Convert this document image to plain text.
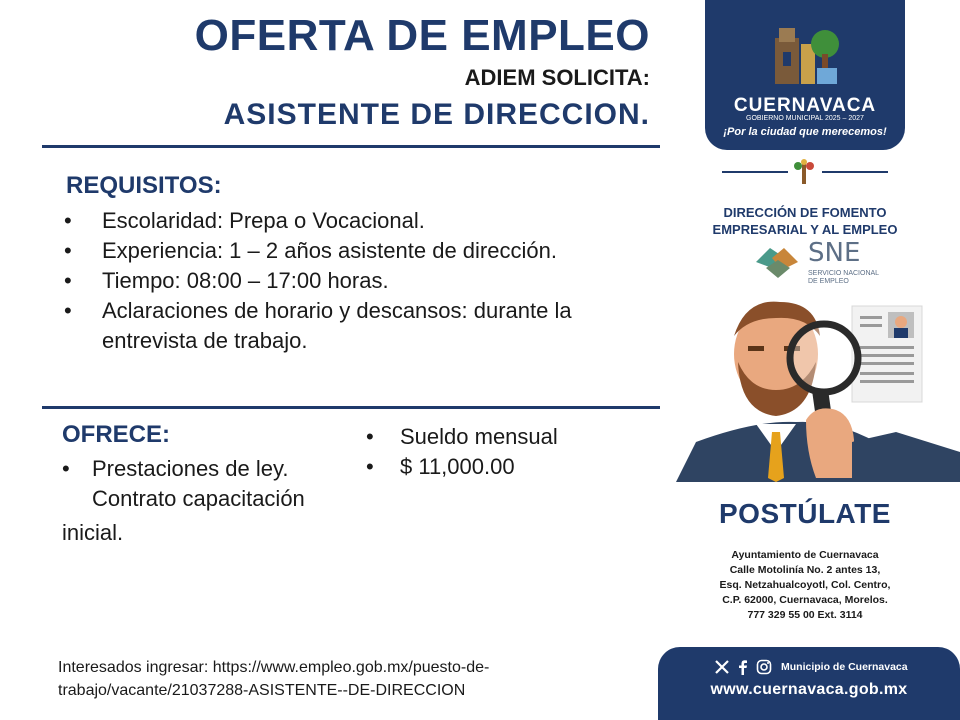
OFERTA DE EMPLEO
ADIEM SOLICITA:
ASISTENTE DE DIRECCION.
REQUISITOS:
• Escolaridad: Prepa o Vocacional.
• Experiencia: 1 – 2 años asistente de dirección.
• Tiempo: 08:00 – 17:00 horas.
• Aclaraciones de horario y descansos: durante la entrevista de trabajo.
OFRECE:
• Prestaciones de ley.
Contrato capacitación
inicial.
• Sueldo mensual
• $ 11,000.00
Interesados ingresar: https://www.empleo.gob.mx/puesto-de-trabajo/vacante/21037288-ASISTENTE--DE-DIRECCION
CUERNAVACA
GOBIERNO MUNICIPAL 2025 – 2027
¡Por la ciudad que merecemos!
DIRECCIÓN DE FOMENTO EMPRESARIAL Y AL EMPLEO
SNE
SERVICIO NACIONAL
DE EMPLEO
POSTÚLATE
Ayuntamiento de Cuernavaca
Calle Motolinía No. 2 antes 13,
Esq. Netzahualcoyotl, Col. Centro,
C.P. 62000, Cuernavaca, Morelos.
777 329 55 00 Ext. 3114
Municipio de Cuernavaca
www.cuernavaca.gob.mx
